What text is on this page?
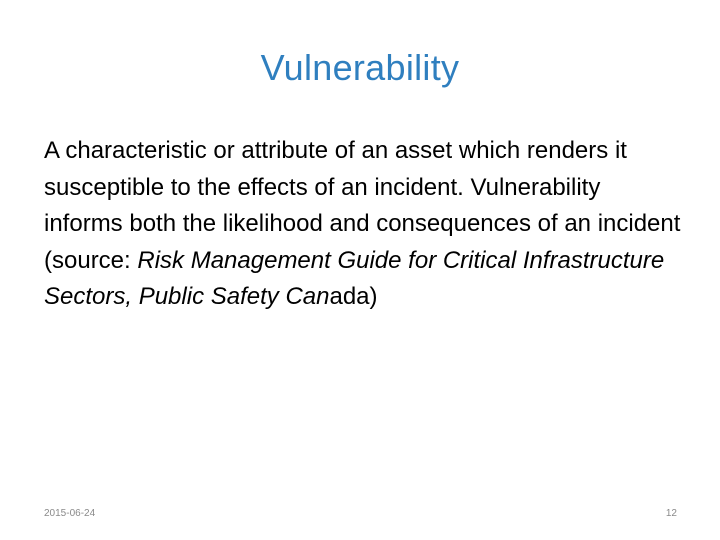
Vulnerability
A characteristic or attribute of an asset which renders it susceptible to the effects of an incident. Vulnerability informs both the likelihood and consequences of an incident (source: Risk Management Guide for Critical Infrastructure Sectors, Public Safety Canada)
2015-06-24	12
